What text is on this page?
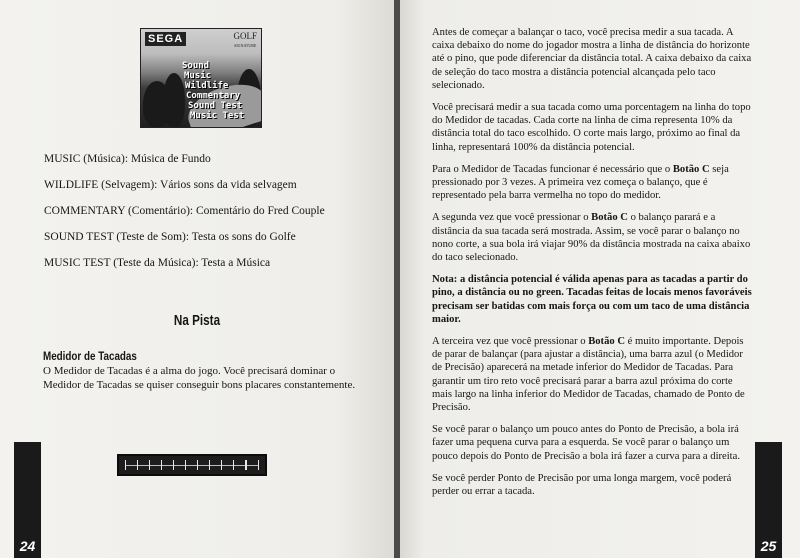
SEGA	GOLF
SIGNATURE
Sound
Music
Wildlife
Commentary
Sound Test
Music Test
MUSIC (Música): Música de Fundo
WILDLIFE (Selvagem): Vários sons da vida selvagem
COMMENTARY (Comentário): Comentário do Fred Couple
SOUND TEST (Teste de Som): Testa os sons do Golfe
MUSIC TEST (Teste da Música): Testa a Música
Na Pista
Medidor de Tacadas

O Medidor de Tacadas é a alma do jogo. Você precisará dominar o Medidor de Tacadas se quiser conseguir bons placares constantemente.

24

Antes de começar a balançar o taco, você precisa medir a sua tacada. A caixa debaixo do nome do jogador mostra a linha de distância do horizonte até o pino, que pode diferenciar da distância total. A caixa debaixo da caixa de seleção do taco mostra a distância potencial alcançada pelo taco selecionado.

Você precisará medir a sua tacada como uma porcentagem na linha do topo do Medidor de tacadas. Cada corte na linha de cima representa 10% da distância total do taco escolhido. O corte mais largo, próximo ao final da linha, representará 100% da distância potencial.

Para o Medidor de Tacadas funcionar é necessário que o Botão C seja pressionado por 3 vezes. A primeira vez começa o balanço, que é representado pela barra vermelha no topo do medidor.

A segunda vez que você pressionar o Botão C o balanço parará e a distância da sua tacada será mostrada. Assim, se você parar o balanço no nono corte, a sua bola irá viajar 90% da distância mostrada na caixa abaixo do taco selecionado.

Nota: a distância potencial é válida apenas para as tacadas a partir do pino, a distância ou no green. Tacadas feitas de locais menos favoráveis precisam ser batidas com mais força ou com um taco de uma distância maior.

A terceira vez que você pressionar o Botão C é muito importante. Depois de parar de balançar (para ajustar a distância), uma barra azul (o Medidor de Precisão) aparecerá na metade inferior do Medidor de Tacadas. Para garantir um tiro reto você precisará parar a barra azul próxima do corte mais largo na linha inferior do Medidor de Tacadas, chamado de Ponto de Precisão.

Se você parar o balanço um pouco antes do Ponto de Precisão, a bola irá fazer uma pequena curva para a esquerda. Se você parar o balanço um pouco depois do Ponto de Precisão a bola irá fazer a curva para a direita.

Se você perder Ponto de Precisão por uma longa margem, você poderá perder ou errar a tacada.

25
